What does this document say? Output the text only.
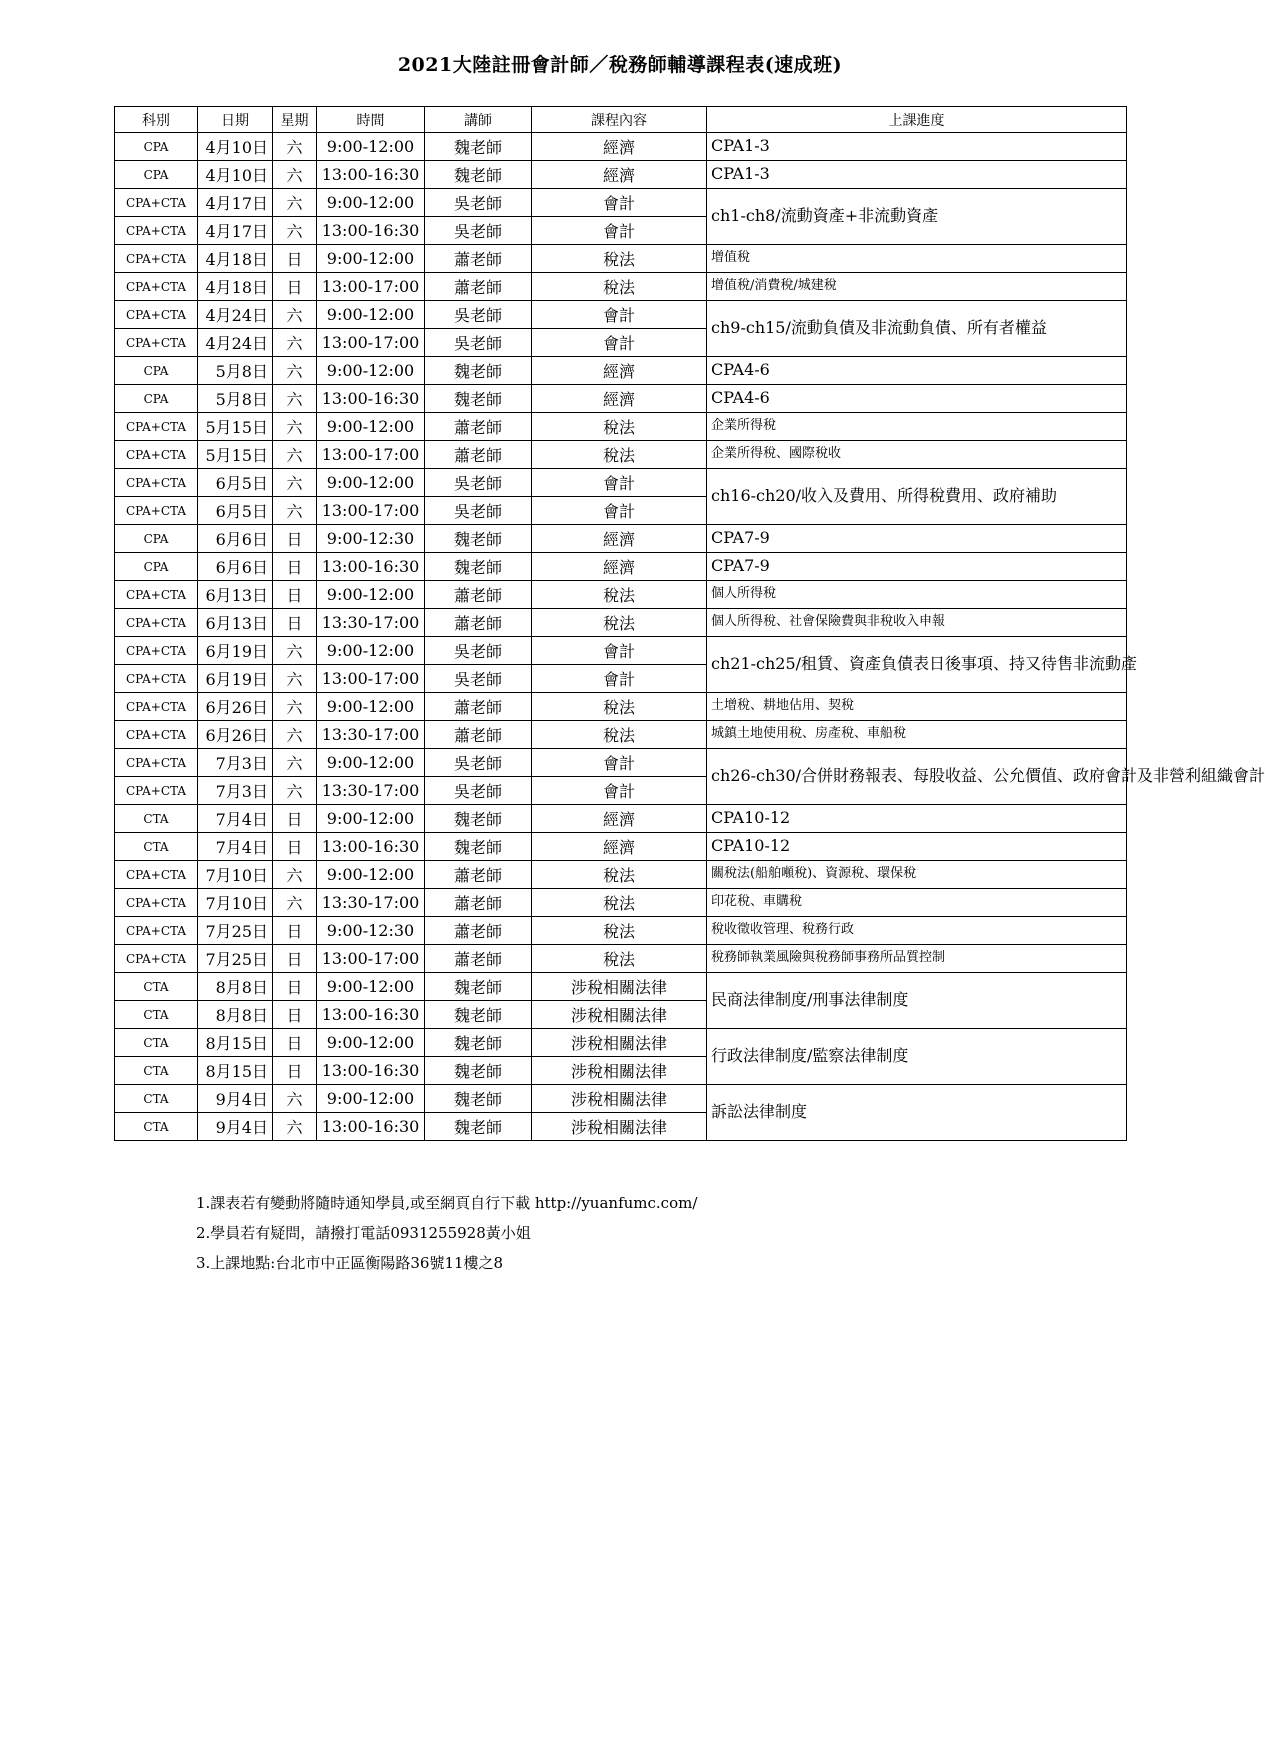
2021大陸註冊會計師／稅務師輔導課程表(速成班)
科別	日期	星期	時間	講師	課程內容	上課進度
CPA	4月10日	六	9:00-12:00	魏老師	經濟	CPA1-3
CPA	4月10日	六	13:00-16:30	魏老師	經濟	CPA1-3
CPA+CTA	4月17日	六	9:00-12:00	吳老師	會計	ch1-ch8/流動資產+非流動資產
CPA+CTA	4月17日	六	13:00-16:30	吳老師	會計	
CPA+CTA	4月18日	日	9:00-12:00	蕭老師	稅法	增值稅
CPA+CTA	4月18日	日	13:00-17:00	蕭老師	稅法	增值稅/消費稅/城建稅
CPA+CTA	4月24日	六	9:00-12:00	吳老師	會計	ch9-ch15/流動負債及非流動負債、所有者權益
CPA+CTA	4月24日	六	13:00-17:00	吳老師	會計	
CPA	5月8日	六	9:00-12:00	魏老師	經濟	CPA4-6
CPA	5月8日	六	13:00-16:30	魏老師	經濟	CPA4-6
CPA+CTA	5月15日	六	9:00-12:00	蕭老師	稅法	企業所得稅
CPA+CTA	5月15日	六	13:00-17:00	蕭老師	稅法	企業所得稅、國際稅收
CPA+CTA	6月5日	六	9:00-12:00	吳老師	會計	ch16-ch20/收入及費用、所得稅費用、政府補助
CPA+CTA	6月5日	六	13:00-17:00	吳老師	會計	
CPA	6月6日	日	9:00-12:30	魏老師	經濟	CPA7-9
CPA	6月6日	日	13:00-16:30	魏老師	經濟	CPA7-9
CPA+CTA	6月13日	日	9:00-12:00	蕭老師	稅法	個人所得稅
CPA+CTA	6月13日	日	13:30-17:00	蕭老師	稅法	個人所得稅、社會保險費與非稅收入申報
CPA+CTA	6月19日	六	9:00-12:00	吳老師	會計	ch21-ch25/租賃、資產負債表日後事項、持又待售非流動產
CPA+CTA	6月19日	六	13:00-17:00	吳老師	會計	
CPA+CTA	6月26日	六	9:00-12:00	蕭老師	稅法	土增稅、耕地佔用、契稅
CPA+CTA	6月26日	六	13:30-17:00	蕭老師	稅法	城鎮土地使用稅、房產稅、車船稅
CPA+CTA	7月3日	六	9:00-12:00	吳老師	會計	ch26-ch30/合併財務報表、每股收益、公允價值、政府會計及非營利組織會計
CPA+CTA	7月3日	六	13:30-17:00	吳老師	會計	
CTA	7月4日	日	9:00-12:00	魏老師	經濟	CPA10-12
CTA	7月4日	日	13:00-16:30	魏老師	經濟	CPA10-12
CPA+CTA	7月10日	六	9:00-12:00	蕭老師	稅法	關稅法(船舶噸稅)、資源稅、環保稅
CPA+CTA	7月10日	六	13:30-17:00	蕭老師	稅法	印花稅、車購稅
CPA+CTA	7月25日	日	9:00-12:30	蕭老師	稅法	稅收徵收管理、稅務行政
CPA+CTA	7月25日	日	13:00-17:00	蕭老師	稅法	稅務師執業風險與稅務師事務所品質控制
CTA	8月8日	日	9:00-12:00	魏老師	涉稅相關法律	民商法律制度/刑事法律制度
CTA	8月8日	日	13:00-16:30	魏老師	涉稅相關法律	
CTA	8月15日	日	9:00-12:00	魏老師	涉稅相關法律	行政法律制度/監察法律制度
CTA	8月15日	日	13:00-16:30	魏老師	涉稅相關法律	
CTA	9月4日	六	9:00-12:00	魏老師	涉稅相關法律	訴訟法律制度
CTA	9月4日	六	13:00-16:30	魏老師	涉稅相關法律	
1.課表若有變動將隨時通知學員,或至網頁自行下載 http://yuanfumc.com/
2.學員若有疑問，請撥打電話0931255928黃小姐
3.上課地點:台北市中正區衡陽路36號11樓之8
